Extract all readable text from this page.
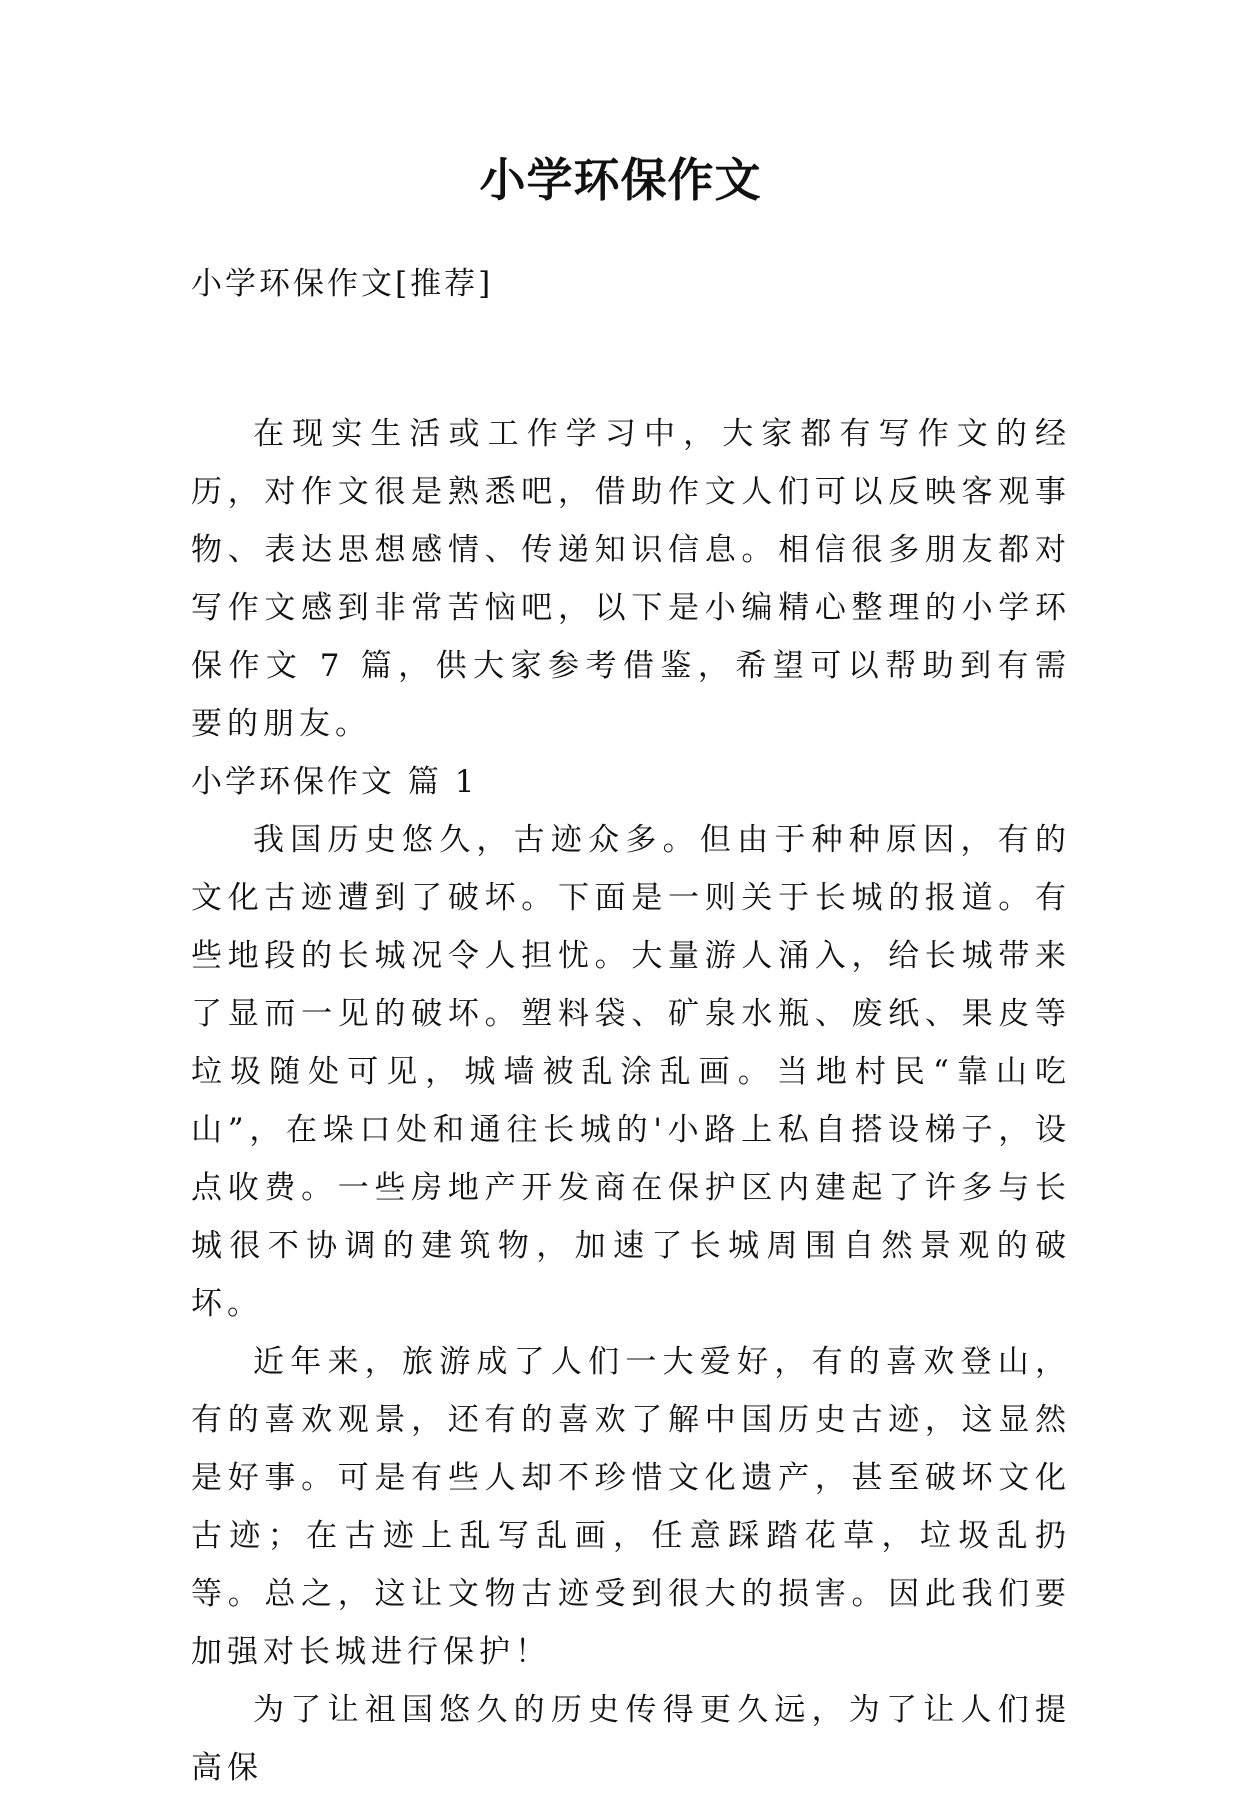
小学环保作文

小学环保作文[推荐]

在现实生活或工作学习中，大家都有写作文的经历，对作文很是熟悉吧，借助作文人们可以反映客观事物、表达思想感情、传递知识信息。相信很多朋友都对写作文感到非常苦恼吧，以下是小编精心整理的小学环保作文 7 篇，供大家参考借鉴，希望可以帮助到有需要的朋友。

小学环保作文 篇 1

我国历史悠久，古迹众多。但由于种种原因，有的文化古迹遭到了破坏。下面是一则关于长城的报道。有些地段的长城况令人担忧。大量游人涌入，给长城带来了显而一见的破坏。塑料袋、矿泉水瓶、废纸、果皮等垃圾随处可见，城墙被乱涂乱画。当地村民“靠山吃山”，在垛口处和通往长城的'小路上私自搭设梯子，设点收费。一些房地产开发商在保护区内建起了许多与长城很不协调的建筑物，加速了长城周围自然景观的破坏。

近年来，旅游成了人们一大爱好，有的喜欢登山，有的喜欢观景，还有的喜欢了解中国历史古迹，这显然是好事。可是有些人却不珍惜文化遗产，甚至破坏文化古迹；在古迹上乱写乱画，任意踩踏花草，垃圾乱扔等。总之，这让文物古迹受到很大的损害。因此我们要加强对长城进行保护！

为了让祖国悠久的历史传得更久远，为了让人们提高保
